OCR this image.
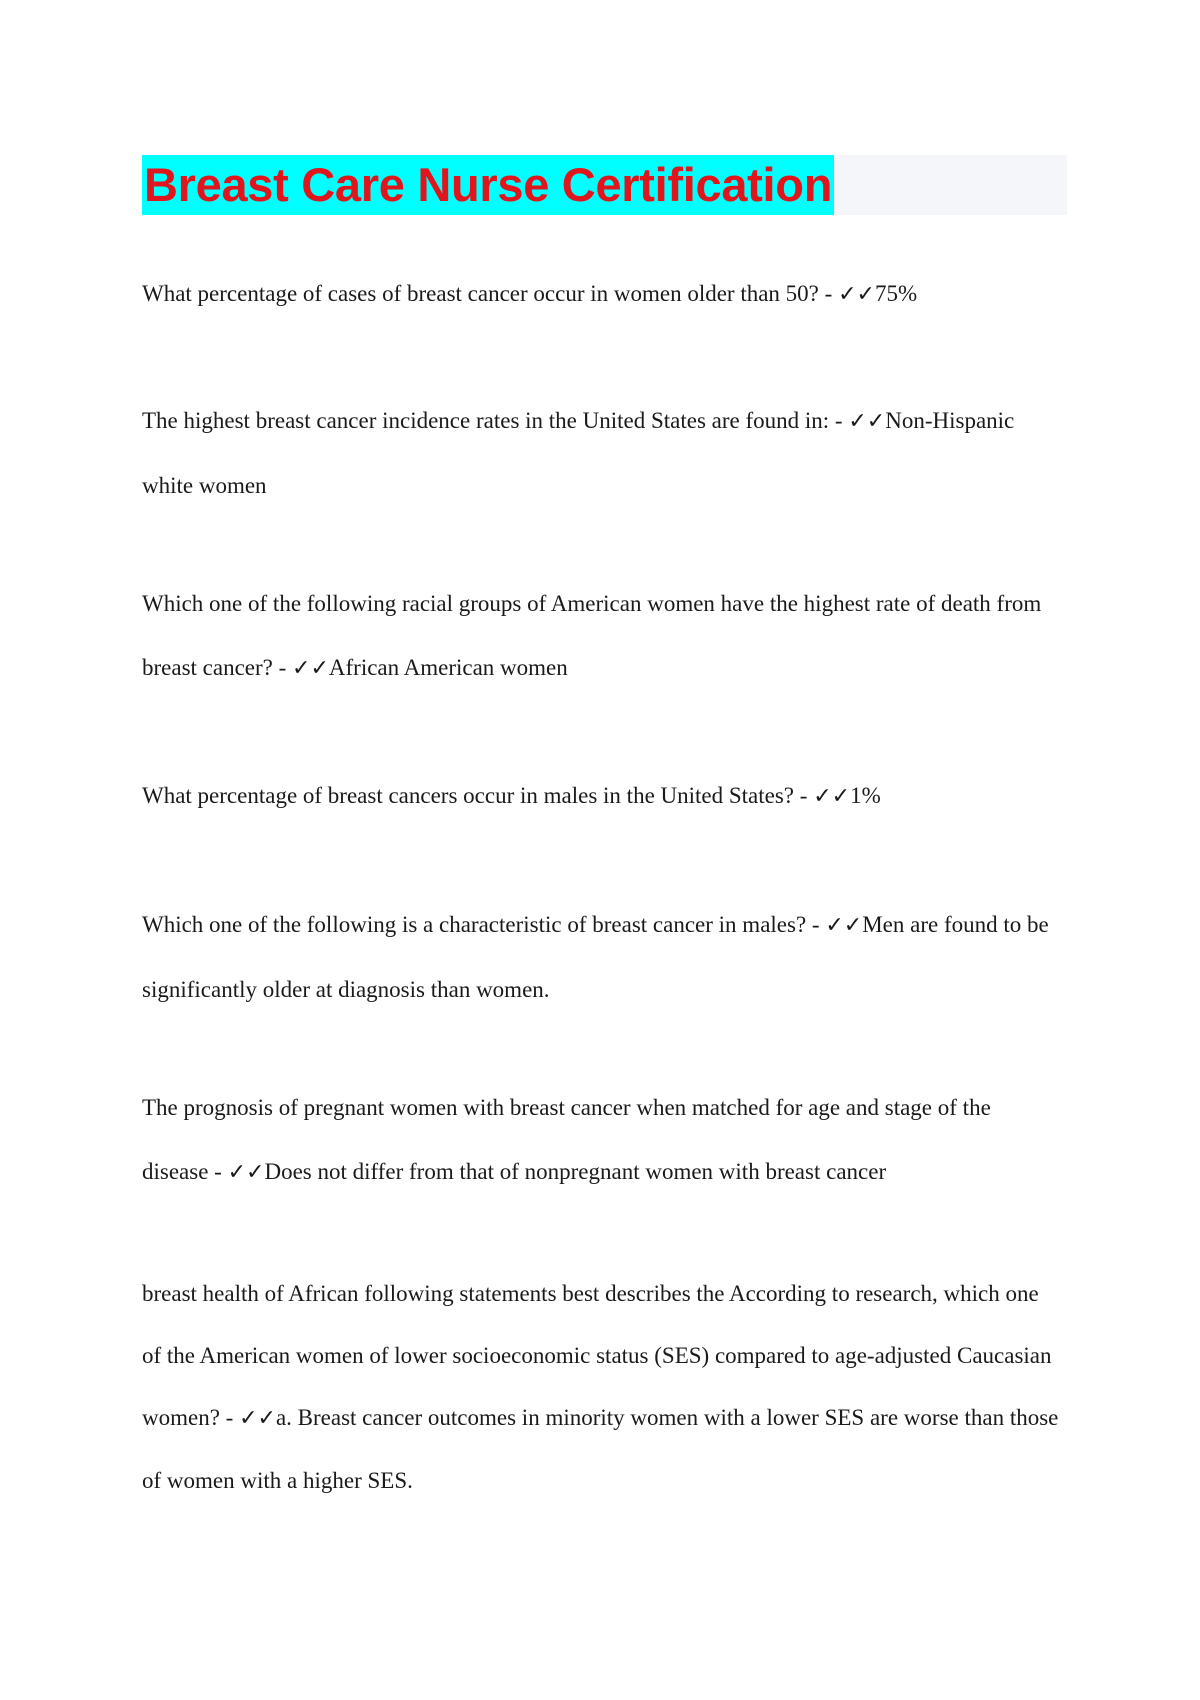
Breast Care Nurse Certification

What percentage of cases of breast cancer occur in women older than 50? - ✓✓75%

The highest breast cancer incidence rates in the United States are found in: - ✓✓Non-Hispanic white women

Which one of the following racial groups of American women have the highest rate of death from breast cancer? - ✓✓African American women

What percentage of breast cancers occur in males in the United States? - ✓✓1%

Which one of the following is a characteristic of breast cancer in males? - ✓✓Men are found to be significantly older at diagnosis than women.

The prognosis of pregnant women with breast cancer when matched for age and stage of the disease - ✓✓Does not differ from that of nonpregnant women with breast cancer

breast health of African following statements best describes the According to research, which one of the American women of lower socioeconomic status (SES) compared to age-adjusted Caucasian women? - ✓✓a. Breast cancer outcomes in minority women with a lower SES are worse than those of women with a higher SES.
